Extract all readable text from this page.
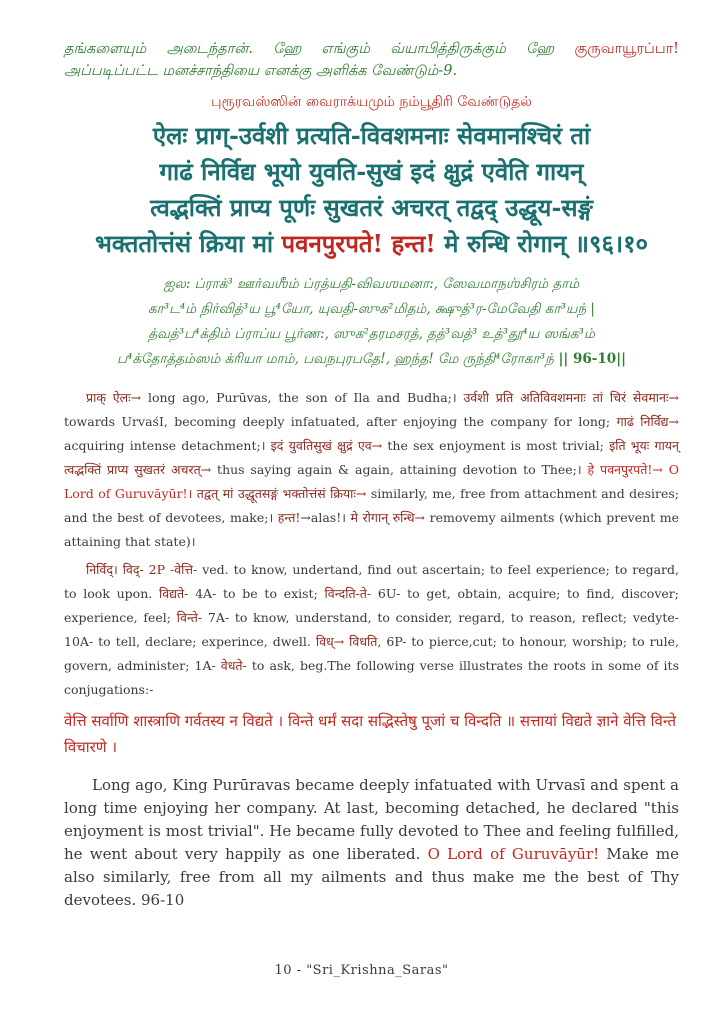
தங்களையும் அடைந்தான். ஹே எங்கும் வ்யாபித்திருக்கும் ஹே குருவாயூரப்பா! அப்படிப்பட்ட மனச்சாந்தியை எனக்கு அளிக்க வேண்டும்-9.
புரூரவஸ்ஸின் வைராக்யமும் நம்பூதிரி வேண்டுதல்
ऐलः प्राग्-उर्वशी प्रत्यति-विवशमनाः सेवमानश्चिरं तां
गाढं निर्विद्य भूयो युवति-सुखं इदं क्षुद्रं एवेति गायन्
त्वद्भक्तिं प्राप्य पूर्णः सुखतरं अचरत् तद्वद् उद्धूय-सङ्गं
भक्ततोत्तंसं क्रिया मां पवनपुरपते! हन्त! मे रुन्धि रोगान् ॥९६।१०
ஐல: ப்ராக்³ ஊர்வஶீம் ப்ரத்யதி-விவஶமனா:, ஸேவமாநஶ்சிரம் தாம்
கா³ட⁴ம் நிர்வித்³ய பூ⁴யோ, யுவதி-ஸுக²மிதம், க்ஷுத்³ர-மேவேதி கா³யந் |
த்வத்³ப⁴க்திம் ப்ராப்ய பூர்ண:, ஸுக²தரமசரத், தத்³வத்³ உத்³தூ⁴ய ஸங்க³ம்
ப⁴க்தோத்தம்ஸம் க்ரியா மாம், பவநபுரபதே!, ஹந்த! மே ருந்தி⁴ரோகா³ந் || 96-10||
प्राक् ऐलः→ long ago, Purūvas, the son of Ila and Budha;। उर्वशी प्रति अतिविवशमनाः तां चिरं सेवमानः→ towards UrvaśI, becoming deeply infatuated, after enjoying the company for long; गाढं निर्विद्य→ acquiring intense detachment;। इदं युवतिसुखं क्षुद्रं एव→ the sex enjoyment is most trivial; इति भूयः गायन् त्वद्भक्तिं प्राप्य सुखतरं अचरत्→ thus saying again & again, attaining devotion to Thee;। हे पवनपुरपते!→ O Lord of Guruvāyūr!। तद्वत् मां उद्धूतसङ्गं भक्तोत्तंसं क्रियाः→ similarly, me, free from attachment and desires; and the best of devotees, make;। हन्त!→alas!। मे रोगान् रुन्धि→ removemy ailments (which prevent me attaining that state)।
निर्विद्। विद्- 2P -वेत्ति- ved. to know, undertand, find out ascertain; to feel experience; to regard, to look upon. विद्यते- 4A- to be to exist; विन्दति-ते- 6U- to get, obtain, acquire; to find, discover; experience, feel; विन्ते- 7A- to know, understand, to consider, regard, to reason, reflect; vedyte- 10A- to tell, declare; experince, dwell. विध्→ विधति, 6P- to pierce,cut; to honour, worship; to rule, govern, administer; 1A- वेधते- to ask, beg.The following verse illustrates the roots in some of its conjugations:-
वेत्ति सर्वाणि शास्त्राणि गर्वतस्य न विद्यते । विन्ते धर्मं सदा सद्भिस्तेषु पूजां च विन्दति ॥ सत्तायां विद्यते ज्ञाने वेत्ति विन्ते विचारणे ।
Long ago, King Purūravas became deeply infatuated with Urvasī and spent a long time enjoying her company. At last, becoming detached, he declared "this enjoyment is most trivial". He became fully devoted to Thee and feeling fulfilled, he went about very happily as one liberated. O Lord of Guruvāyūr! Make me also similarly, free from all my ailments and thus make me the best of Thy devotees. 96-10
10 - "Sri_Krishna_Saras"
